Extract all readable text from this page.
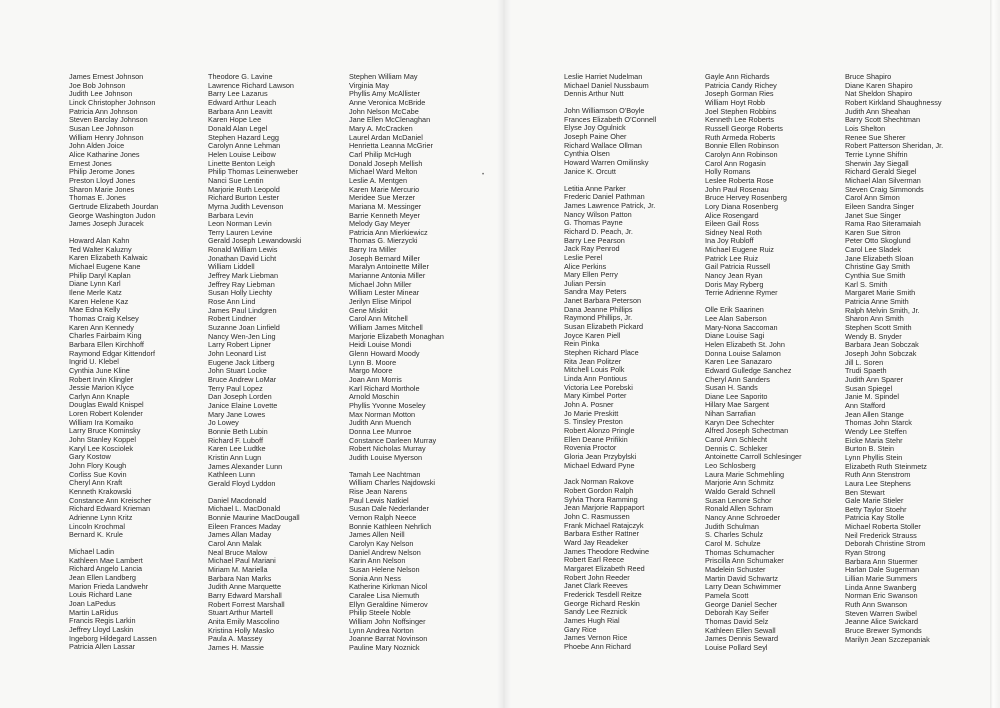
•
James Ernest Johnson
Joe Bob Johnson
Judith Lee Johnson
Linck Christopher Johnson
Patricia Ann Johnson
Steven Barclay Johnson
Susan Lee Johnson
William Henry Johnson
John Alden Joice
Alice Katharine Jones
Ernest Jones
Philip Jerome Jones
Preston Lloyd Jones
Sharon Marie Jones
Thomas E. Jones
Gertrude Elizabeth Jourdan
George Washington Judon
James Joseph Juracek
Howard Alan Kahn
Ted Walter Kaluzny
Karen Elizabeth Kalwaic
Michael Eugene Kane
Philip Daryl Kaplan
Diane Lynn Karl
Ilene Merle Katz
Karen Helene Kaz
Mae Edna Kelly
Thomas Craig Kelsey
Karen Ann Kennedy
Charles Fairbairn King
Barbara Ellen Kirchhoff
Raymond Edgar Kittendorf
Ingrid U. Klebel
Cynthia June Kline
Robert Irvin Klingler
Jessie Marion Klyce
Carlyn Ann Knaple
Douglas Ewald Knispel
Loren Robert Kolender
William Ira Komaiko
Larry Bruce Kominsky
John Stanley Koppel
Karyl Lee Kosciolek
Gary Kostow
John Flory Kough
Corliss Sue Kovin
Cheryl Ann Kraft
Kenneth Krakowski
Constance Ann Kreischer
Richard Edward Krieman
Adrienne Lynn Kritz
Lincoln Krochmal
Bernard K. Krule
Michael Ladin
Kathleen Mae Lambert
Richard Angelo Lancia
Jean Ellen Landberg
Marion Frieda Landwehr
Louis Richard Lane
Joan LaPedus
Martin LaRidus
Francis Regis Larkin
Jeffrey Lloyd Laskin
Ingeborg Hildegard Lassen
Patricia Allen Lassar
Theodore G. Lavine
Lawrence Richard Lawson
Barry Lee Lazarus
Edward Arthur Leach
Barbara Ann Leavitt
Karen Hope Lee
Donald Alan Legel
Stephen Hazard Legg
Carolyn Anne Lehman
Helen Louise Leibow
Linette Benton Leigh
Philip Thomas Leinenweber
Nanci Sue Lentin
Marjorie Ruth Leopold
Richard Burton Lester
Myrna Judith Levenson
Barbara Levin
Leon Norman Levin
Terry Lauren Levine
Gerald Joseph Lewandowski
Ronald William Lewis
Jonathan David Licht
William Liddell
Jeffrey Mark Liebman
Jeffrey Ray Liebman
Susan Holly Liechty
Rose Ann Lind
James Paul Lindgren
Robert Lindner
Suzanne Joan Linfield
Nancy Wen-Jen Ling
Larry Robert Lipner
John Leonard List
Eugene Jack Litberg
John Stuart Locke
Bruce Andrew LoMar
Terry Paul Lopez
Dan Joseph Lorden
Janice Elaine Lovette
Mary Jane Lowes
Jo Lowey
Bonnie Beth Lubin
Richard F. Luboff
Karen Lee Ludtke
Kristin Ann Lugn
James Alexander Lunn
Kathleen Lunn
Gerald Floyd Lyddon
Daniel Macdonald
Michael L. MacDonald
Bonnie Maurine MacDougall
Eileen Frances Maday
James Allan Maday
Carol Ann Malak
Neal Bruce Malow
Michael Paul Mariani
Miriam M. Mariella
Barbara Nan Marks
Judith Anne Marquette
Barry Edward Marshall
Robert Forrest Marshall
Stuart Arthur Martell
Anita Emily Mascolino
Kristina Holly Masko
Paula A. Massey
James H. Massie
Stephen William May
Virginia May
Phyllis Amy McAllister
Anne Veronica McBride
John Nelson McCabe
Jane Ellen McClenaghan
Mary A. McCracken
Laurel Ardan McDaniel
Henrietta Leanna McGrier
Carl Philip McHugh
Donald Joseph Mellish
Michael Ward Melton
Leslie A. Mentgen
Karen Marie Mercurio
Meridee Sue Merzer
Mariana M. Messinger
Barrie Kenneth Meyer
Melody Gay Meyer
Patricia Ann Mierkiewicz
Thomas G. Mierzycki
Barry Ira Miller
Joseph Bernard Miller
Maralyn Antoinette Miller
Marianne Antonia Miller
Michael John Miller
William Lester Minear
Jerilyn Elise Miripol
Gene Miskit
Carol Ann Mitchell
William James Mitchell
Marjorie Elizabeth Monaghan
Heidi Louise Mondi
Glenn Howard Moody
Lynn B. Moore
Margo Moore
Joan Ann Morris
Karl Richard Morthole
Arnold Moschin
Phyllis Yvonne Moseley
Max Norman Motton
Judith Ann Muench
Donna Lee Munroe
Constance Darleen Murray
Robert Nicholas Murray
Judith Louise Myerson
Tamah Lee Nachtman
William Charles Najdowski
Rise Jean Narens
Paul Lewis Natkiel
Susan Dale Nederlander
Vernon Ralph Neece
Bonnie Kathleen Nehrlich
James Allen Neill
Carolyn Kay Nelson
Daniel Andrew Nelson
Karin Ann Nelson
Susan Helene Nelson
Sonia Ann Ness
Katherine Kirkman Nicol
Caralee Lisa Niemuth
Ellyn Geraldine Nimerov
Philip Steele Noble
William John Noffsinger
Lynn Andrea Norton
Joanne Barrat Novinson
Pauline Mary Noznick
Leslie Harriet Nudelman
Michael Daniel Nussbaum
Dennis Arthur Nutt
John Williamson O'Boyle
Frances Elizabeth O'Connell
Elyse Joy Ogulnick
Joseph Paine Oher
Richard Wallace Ollman
Cynthia Olsen
Howard Warren Omilinsky
Janice K. Orcutt
Letitia Anne Parker
Frederic Daniel Pathman
James Lawrence Patrick, Jr.
Nancy Wilson Patton
G. Thomas Payne
Richard D. Peach, Jr.
Barry Lee Pearson
Jack Ray Penrod
Leslie Perel
Alice Perkins
Mary Ellen Perry
Julian Persin
Sandra May Peters
Janet Barbara Peterson
Dana Jeanne Phillips
Raymond Phillips, Jr.
Susan Elizabeth Pickard
Joyce Karen Piell
Rein Pinka
Stephen Richard Place
Rita Jean Politzer
Mitchell Louis Polk
Linda Ann Pontious
Victoria Lee Porebski
Mary Kimbel Porter
John A. Posner
Jo Marie Preskitt
S. Tinsley Preston
Robert Alonzo Pringle
Ellen Deane Prifikin
Rovenia Proctor
Gloria Jean Przybylski
Michael Edward Pyne
Jack Norman Rakove
Robert Gordon Ralph
Sylvia Thora Ramming
Jean Marjorie Rappaport
John C. Rasmussen
Frank Michael Ratajczyk
Barbara Esther Rattner
Ward Jay Readeker
James Theodore Redwine
Robert Earl Reece
Margaret Elizabeth Reed
Robert John Reeder
Janet Clark Reeves
Frederick Tesdell Reitze
George Richard Reskin
Sandy Lee Reznick
James Hugh Rial
Gary Rice
James Vernon Rice
Phoebe Ann Richard
Gayle Ann Richards
Patricia Candy Richey
Joseph Gorman Ries
William Hoyt Robb
Joel Stephen Robbins
Kenneth Lee Roberts
Russell George Roberts
Ruth Armeda Roberts
Bonnie Ellen Robinson
Carolyn Ann Robinson
Carol Ann Rogasin
Holly Romans
Leslee Roberta Rose
John Paul Rosenau
Bruce Hervey Rosenberg
Lory Diana Rosenberg
Alice Rosengard
Eileen Gail Ross
Sidney Neal Roth
Ina Joy Rubloff
Michael Eugene Ruiz
Patrick Lee Ruiz
Gail Patricia Russell
Nancy Jean Ryan
Doris May Ryberg
Terrie Adrienne Rymer
Olle Erik Saarinen
Lee Alan Saberson
Mary-Nona Saccoman
Diane Louise Sagi
Helen Elizabeth St. John
Donna Louise Salamon
Karen Lee Sanazaro
Edward Gulledge Sanchez
Cheryl Ann Sanders
Susan H. Sands
Diane Lee Saporito
Hillary Mae Sargent
Nihan Sarrafian
Karyn Dee Schechter
Alfred Joseph Schectman
Carol Ann Schlecht
Dennis C. Schleker
Antoinette Carroll Schlesinger
Leo Schlosberg
Laura Marie Schmehling
Marjorie Ann Schmitz
Waldo Gerald Schnell
Susan Lenore Schor
Ronald Allen Schram
Nancy Anne Schroeder
Judith Schulman
S. Charles Schulz
Carol M. Schulze
Thomas Schumacher
Priscilla Ann Schumaker
Madelein Schuster
Martin David Schwartz
Larry Dean Schwimmer
Pamela Scott
George Daniel Secher
Deborah Kay Seifer
Thomas David Selz
Kathleen Ellen Sewall
James Dennis Seward
Louise Pollard Seyl
Bruce Shapiro
Diane Karen Shapiro
Nat Sheldon Shapiro
Robert Kirkland Shaughnessy
Judith Ann Sheahan
Barry Scott Shechtman
Lois Shelton
Renee Sue Sherer
Robert Patterson Sheridan, Jr.
Terrie Lynne Shifrin
Sherwin Jay Siegall
Richard Gerald Siegel
Michael Alan Silverman
Steven Craig Simmonds
Carol Ann Simon
Eileen Sandra Singer
Janet Sue Singer
Rama Rao Siteramaiah
Karen Sue Sitron
Peter Otto Skoglund
Carol Lee Sladek
Jane Elizabeth Sloan
Christine Gay Smith
Cynthia Sue Smith
Karl S. Smith
Margaret Marie Smith
Patricia Anne Smith
Ralph Melvin Smith, Jr.
Sharon Ann Smith
Stephen Scott Smith
Wendy B. Snyder
Barbara Jean Sobczak
Joseph John Sobczak
Jill L. Soren
Trudi Spaeth
Judith Ann Sparer
Susan Spiegel
Janie M. Spindel
Ann Stafford
Jean Allen Stange
Thomas John Starck
Wendy Lee Steffen
Eicke Maria Stehr
Burton B. Stein
Lynn Phyllis Stein
Elizabeth Ruth Steinmetz
Ruth Ann Stenstrom
Laura Lee Stephens
Ben Stewart
Gale Marie Stieler
Betty Taylor Stoehr
Patricia Kay Stolle
Michael Roberta Stoller
Neil Frederick Strauss
Deborah Christine Strom
Ryan Strong
Barbara Ann Stuermer
Harlan Dale Sugerman
Lillian Marie Summers
Linda Anne Swanberg
Norman Eric Swanson
Ruth Ann Swanson
Steven Warren Swibel
Jeanne Alice Swickard
Bruce Brewer Symonds
Marilyn Jean Szczepaniak
